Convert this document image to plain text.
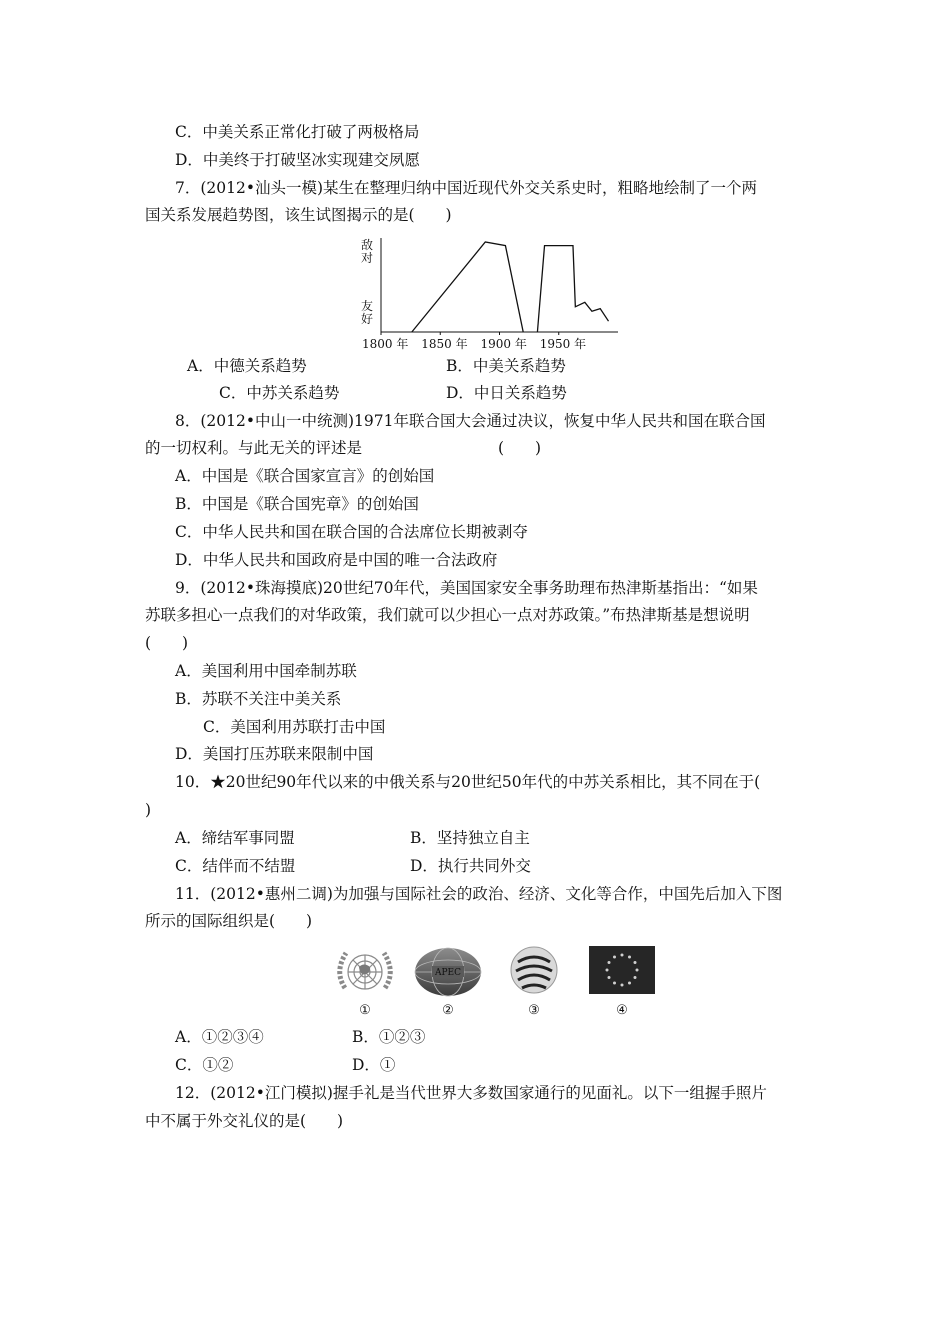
C．中美关系正常化打破了两极格局
D．中美终于打破坚冰实现建交夙愿
7．(2012•汕头一模)某生在整理归纳中国近现代外交关系史时，粗略地绘制了一个两
国关系发展趋势图，该生试图揭示的是(　　)
敌对
友好
1800 年 1850 年 1900 年 1950 年
A．中德关系趋势	B．中美关系趋势
C．中苏关系趋势	D．中日关系趋势
8．(2012•中山一中统测)1971年联合国大会通过决议，恢复中华人民共和国在联合国
的一切权利。与此无关的评述是	(　　)
A．中国是《联合国家宣言》的创始国
B．中国是《联合国宪章》的创始国
C．中华人民共和国在联合国的合法席位长期被剥夺
D．中华人民共和国政府是中国的唯一合法政府
9．(2012•珠海摸底)20世纪70年代，美国国家安全事务助理布热津斯基指出：“如果
苏联多担心一点我们的对华政策，我们就可以少担心一点对苏政策。”布热津斯基是想说明
(　　)
A．美国利用中国牵制苏联
B．苏联不关注中美关系
C．美国利用苏联打击中国
D．美国打压苏联来限制中国
10．★20世纪90年代以来的中俄关系与20世纪50年代的中苏关系相比，其不同在于(
)
A．缔结军事同盟	B．坚持独立自主
C．结伴而不结盟	D．执行共同外交
11．(2012•惠州二调)为加强与国际社会的政治、经济、文化等合作，中国先后加入下图
所示的国际组织是(　　)
APEC
①	②	③	④
A．①②③④	B．①②③
C．①②	D．①
12．(2012•江门模拟)握手礼是当代世界大多数国家通行的见面礼。以下一组握手照片
中不属于外交礼仪的是(　　)
